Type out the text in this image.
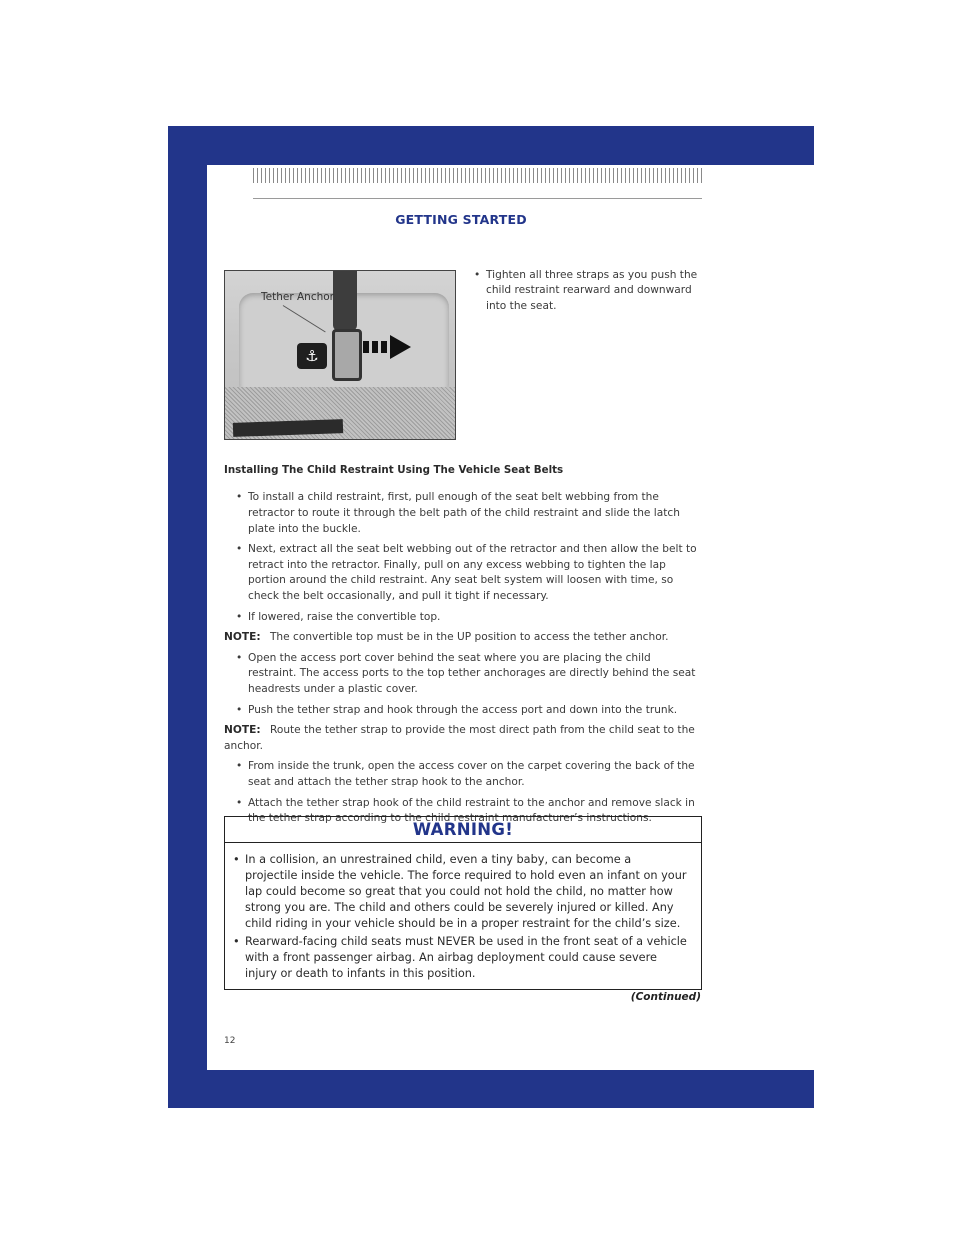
GETTING STARTED
⚓
Tether Anchor
• Tighten all three straps as you push the child restraint rearward and downward into the seat.
Installing The Child Restraint Using The Vehicle Seat Belts
• To install a child restraint, first, pull enough of the seat belt webbing from the retractor to route it through the belt path of the child restraint and slide the latch plate into the buckle.
• Next, extract all the seat belt webbing out of the retractor and then allow the belt to retract into the retractor. Finally, pull on any excess webbing to tighten the lap portion around the child restraint. Any seat belt system will loosen with time, so check the belt occasionally, and pull it tight if necessary.
• If lowered, raise the convertible top.
NOTE: The convertible top must be in the UP position to access the tether anchor.
• Open the access port cover behind the seat where you are placing the child restraint. The access ports to the top tether anchorages are directly behind the seat headrests under a plastic cover.
• Push the tether strap and hook through the access port and down into the trunk.
NOTE: Route the tether strap to provide the most direct path from the child seat to the anchor.
• From inside the trunk, open the access cover on the carpet covering the back of the seat and attach the tether strap hook to the anchor.
• Attach the tether strap hook of the child restraint to the anchor and remove slack in the tether strap according to the child restraint manufacturer’s instructions.
WARNING!
• In a collision, an unrestrained child, even a tiny baby, can become a projectile inside the vehicle. The force required to hold even an infant on your lap could become so great that you could not hold the child, no matter how strong you are. The child and others could be severely injured or killed. Any child riding in your vehicle should be in a proper restraint for the child’s size.
• Rearward-facing child seats must NEVER be used in the front seat of a vehicle with a front passenger airbag. An airbag deployment could cause severe injury or death to infants in this position.
(Continued)
12
